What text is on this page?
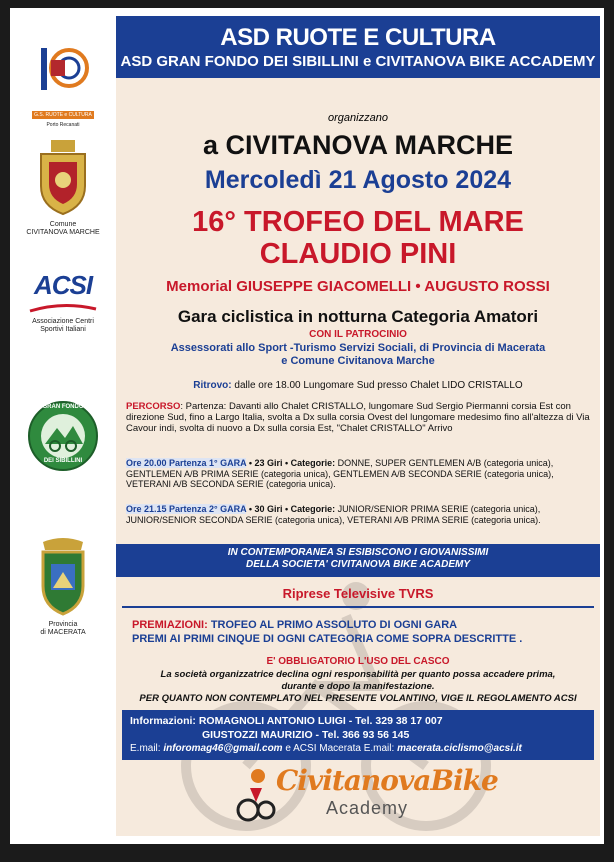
G.S. RUOTE e CULTURA
Porto Recanati
Comune
CIVITANOVA MARCHE
ACSI
Associazione Centri
Sportivi Italiani
GRAN FONDO
DEI SIBILLINI
Provincia
di MACERATA
ASD RUOTE E CULTURA
ASD GRAN FONDO DEI SIBILLINI e CIVITANOVA BIKE ACCADEMY
organizzano
a CIVITANOVA MARCHE
Mercoledì 21 Agosto 2024
16° TROFEO DEL MARE
CLAUDIO PINI
Memorial GIUSEPPE GIACOMELLI • AUGUSTO ROSSI
Gara ciclistica in notturna Categoria Amatori
CON IL PATROCINIO
Assessorati allo Sport -Turismo Servizi Sociali, di Provincia di Macerata
e Comune Civitanova Marche
Ritrovo: dalle ore 18.00 Lungomare Sud presso Chalet LIDO CRISTALLO
PERCORSO: Partenza: Davanti allo Chalet CRISTALLO, lungomare Sud Sergio Piermanni corsia Est con direzione Sud, fino a Largo Italia, svolta a Dx sulla corsia Ovest del lungomare medesimo fino all'altezza di Via Cavour indi, svolta di nuovo a Dx sulla corsia Est, "Chalet CRISTALLO" Arrivo
Ore 20.00 Partenza 1° GARA • 23 Giri • Categorie: DONNE, SUPER GENTLEMEN A/B (categoria unica), GENTLEMEN A/B PRIMA SERIE (categoria unica), GENTLEMEN A/B SECONDA SERIE (categoria unica), VETERANI A/B SECONDA SERIE (categoria unica).
Ore 21.15 Partenza 2° GARA • 30 Giri • Categorie: JUNIOR/SENIOR PRIMA SERIE (categoria unica), JUNIOR/SENIOR SECONDA SERIE (categoria unica), VETERANI A/B PRIMA SERIE (categoria unica).
IN CONTEMPORANEA SI ESIBISCONO I GIOVANISSIMI
DELLA SOCIETA' CIVITANOVA BIKE ACADEMY
Riprese Televisive TVRS
PREMIAZIONI: TROFEO AL PRIMO ASSOLUTO DI OGNI GARA
PREMI AI PRIMI CINQUE DI OGNI CATEGORIA COME SOPRA DESCRITTE .
E' OBBLIGATORIO L'USO DEL CASCO
La società organizzatrice declina ogni responsabilità per quanto possa accadere prima,
durante e dopo la manifestazione.
PER QUANTO NON CONTEMPLATO NEL PRESENTE VOLANTINO, VIGE IL REGOLAMENTO ACSI
Informazioni: ROMAGNOLI ANTONIO LUIGI - Tel. 329 38 17 007
GIUSTOZZI MAURIZIO - Tel. 366 93 56 145
E.mail: inforomag46@gmail.com e ACSI Macerata E.mail: macerata.ciclismo@acsi.it
CivitanovaBike
Academy
